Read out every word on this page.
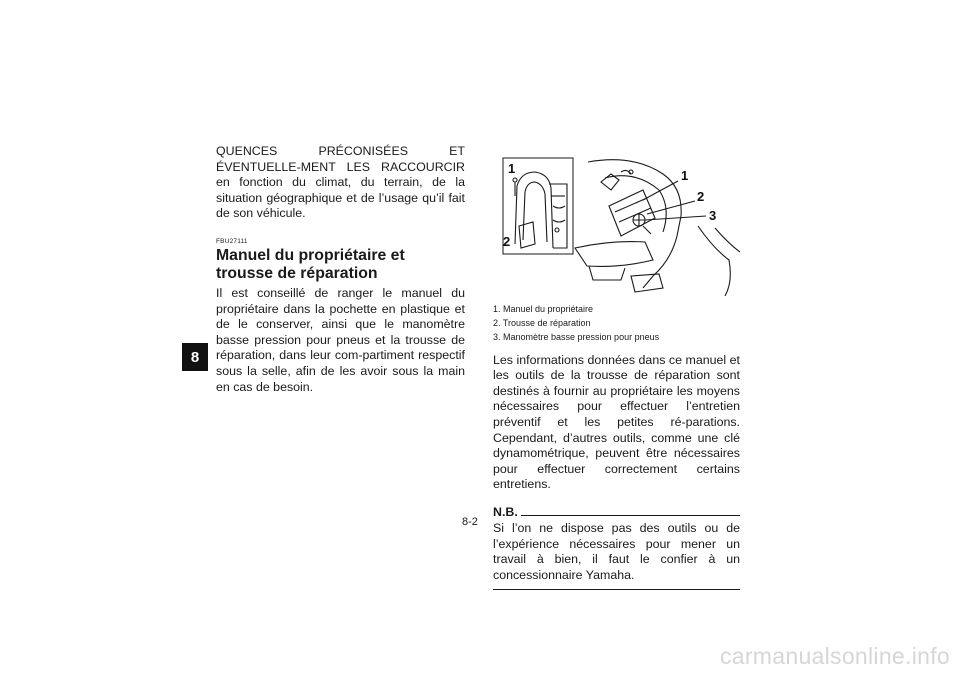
8

QUENCES PRÉCONISÉES ET ÉVENTUELLE-MENT LES RACCOURCIR en fonction du climat, du terrain, de la situation géographique et de l’usage qu’il fait de son véhicule.

FBU27111

Manuel du propriétaire et trousse de réparation

Il est conseillé de ranger le manuel du propriétaire dans la pochette en plastique et de le conserver, ainsi que le manomètre basse pression pour pneus et la trousse de réparation, dans leur com-partiment respectif sous la selle, afin de les avoir sous la main en cas de besoin.

1
2
1
2
3
1. Manuel du propriétaire
2. Trousse de réparation
3. Manomètre basse pression pour pneus

Les informations données dans ce manuel et les outils de la trousse de réparation sont destinés à fournir au propriétaire les moyens nécessaires pour effectuer l’entretien préventif et les petites ré-parations. Cependant, d’autres outils, comme une clé dynamométrique, peuvent être nécessaires pour effectuer correctement certains entretiens.

N.B.

Si l’on ne dispose pas des outils ou de l’expérience nécessaires pour mener un travail à bien, il faut le confier à un concessionnaire Yamaha.

8-2
carmanualsonline.info
